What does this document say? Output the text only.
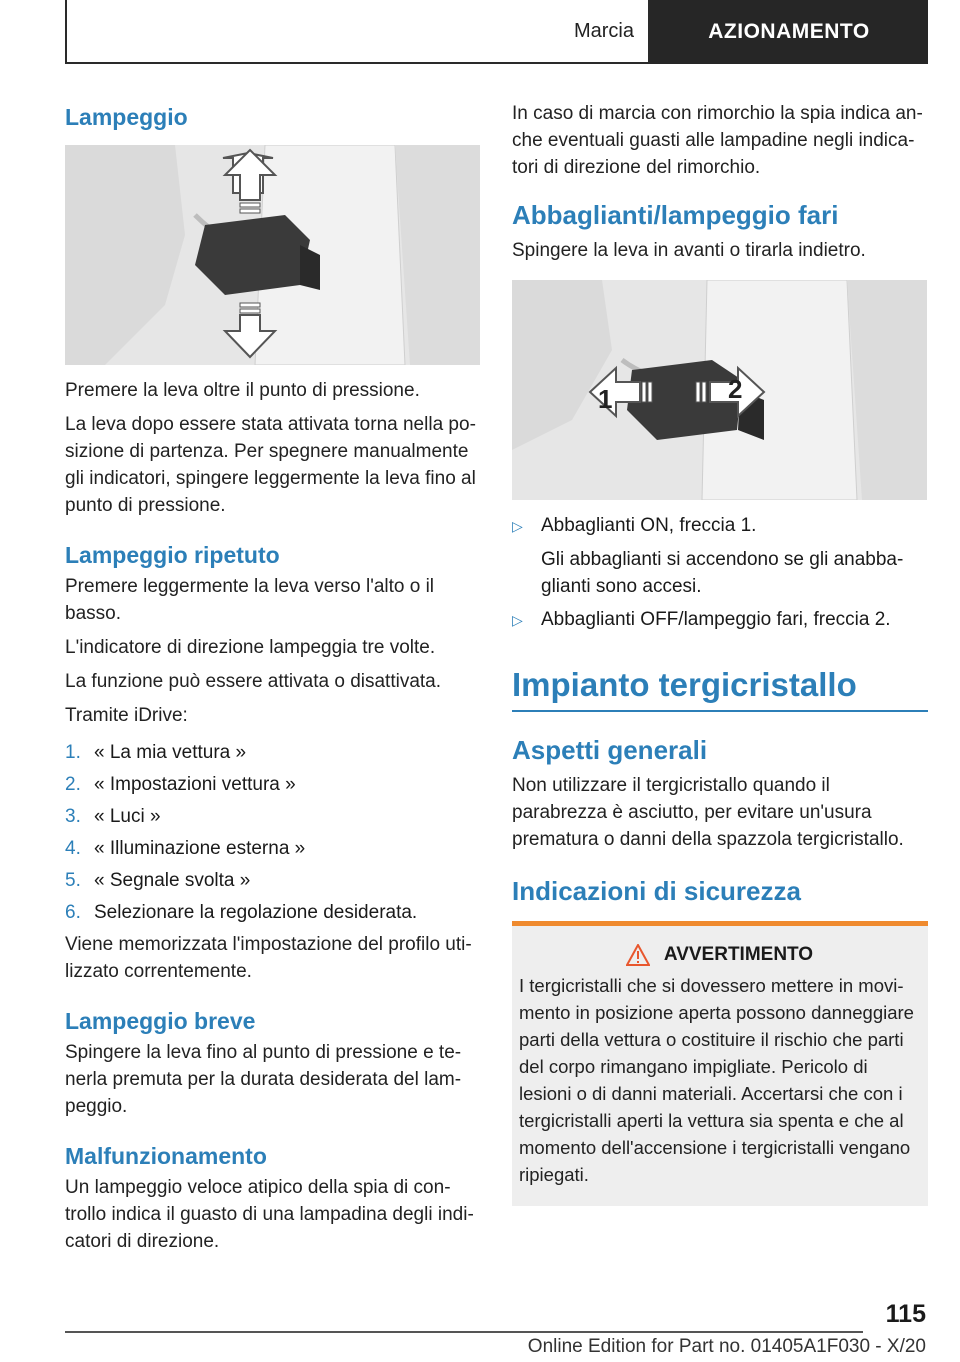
Marcia	AZIONAMENTO
Lampeggio

Premere la leva oltre il punto di pressione.

La leva dopo essere stata attivata torna nella posizione di partenza. Per spegnere manualmente gli indicatori, spingere leggermente la leva fino al punto di pressione.

Lampeggio ripetuto

Premere leggermente la leva verso l'alto o il basso.

L'indicatore di direzione lampeggia tre volte.

La funzione può essere attivata o disattivata.

Tramite iDrive:

1. « La mia vettura »
2. « Impostazioni vettura »
3. « Luci »
4. « Illuminazione esterna »
5. « Segnale svolta »
6. Selezionare la regolazione desiderata.

Viene memorizzata l'impostazione del profilo utilizzato correntemente.

Lampeggio breve

Spingere la leva fino al punto di pressione e tenerla premuta per la durata desiderata del lampeggio.

Malfunzionamento

Un lampeggio veloce atipico della spia di controllo indica il guasto di una lampadina degli indicatori di direzione.

In caso di marcia con rimorchio la spia indica anche eventuali guasti alle lampadine negli indicatori di direzione del rimorchio.

Abbaglianti/lampeggio fari

Spingere la leva in avanti o tirarla indietro.

1	2
▷ Abbaglianti ON, freccia 1.
Gli abbaglianti si accendono se gli anabbaglianti sono accesi.
▷ Abbaglianti OFF/lampeggio fari, freccia 2.
Impianto tergicristallo
Aspetti generali

Non utilizzare il tergicristallo quando il parabrezza è asciutto, per evitare un'usura prematura o danni della spazzola tergicristallo.

Indicazioni di sicurezza
AVVERTIMENTO

I tergicristalli che si dovessero mettere in movimento in posizione aperta possono danneggiare parti della vettura o costituire il rischio che parti del corpo rimangano impigliate. Pericolo di lesioni o di danni materiali. Accertarsi che con i tergicristalli aperti la vettura sia spenta e che al momento dell'accensione i tergicristalli vengano ripiegati.

115
Online Edition for Part no. 01405A1F030 - X/20
